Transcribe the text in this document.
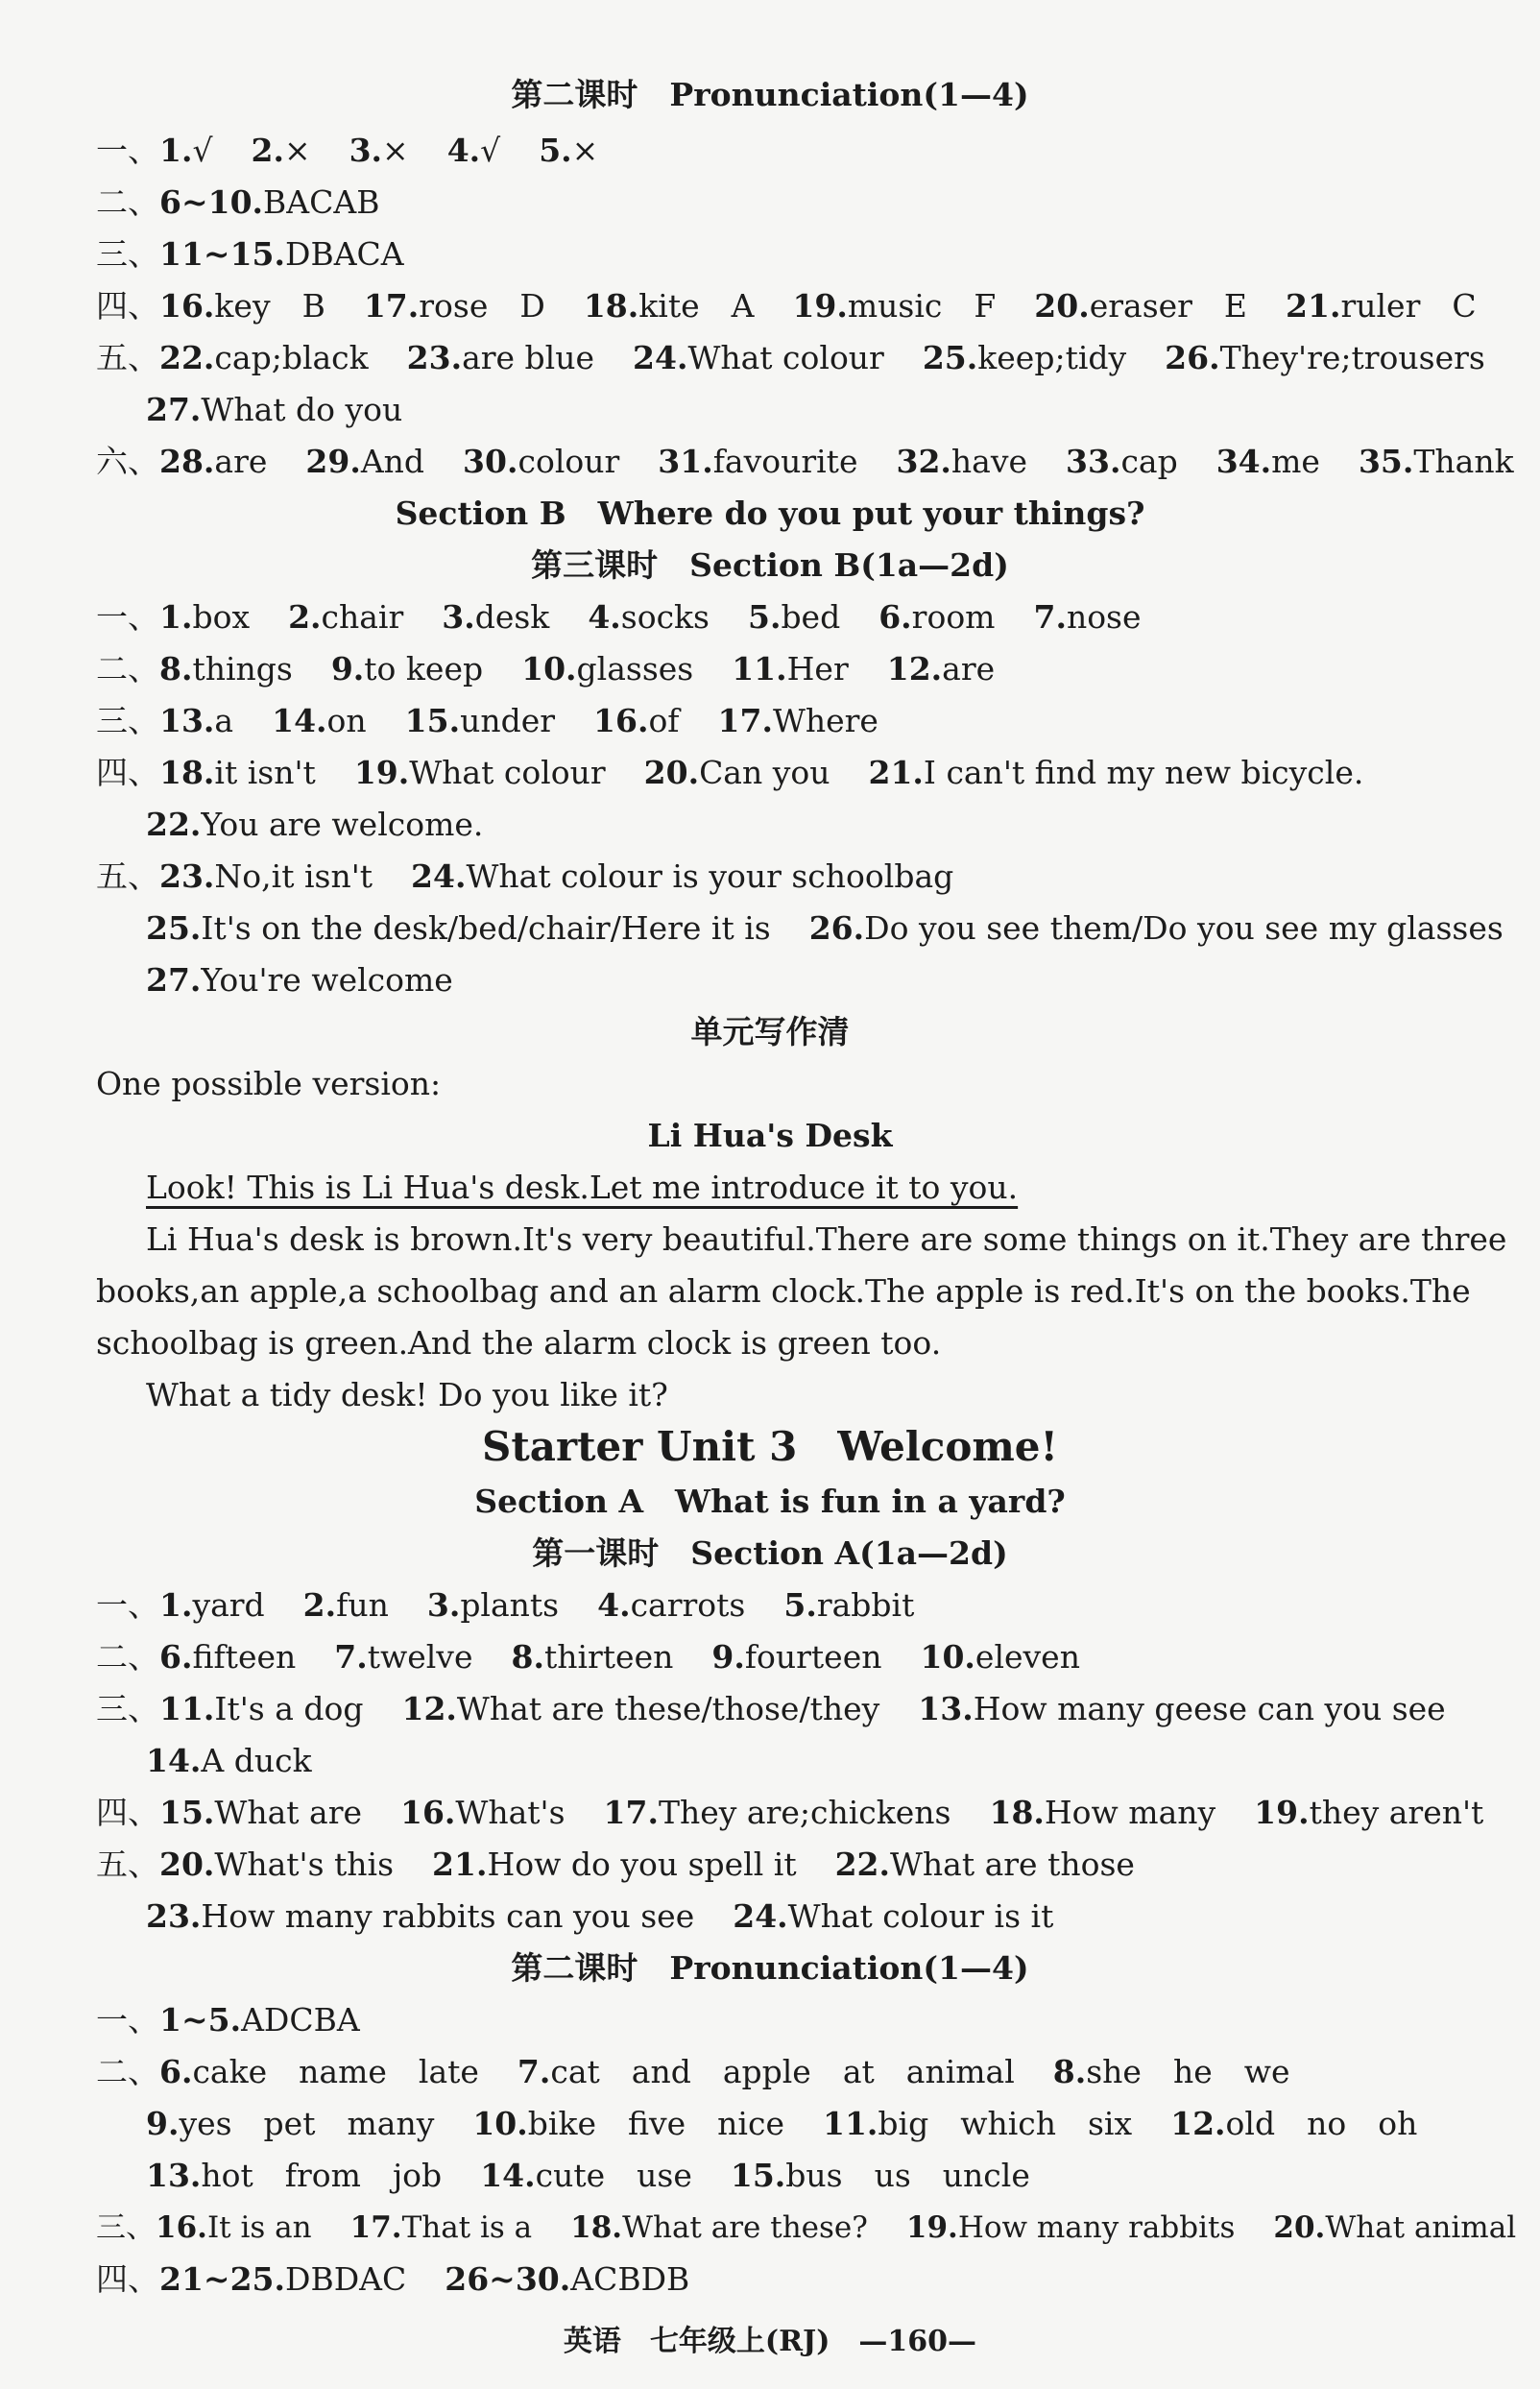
第二课时　Pronunciation(1—4)
一、1.√ 2.× 3.× 4.√ 5.×
二、6~10.BACAB
三、11~15.DBACA
四、16.key　B 17.rose　D 18.kite　A 19.music　F 20.eraser　E 21.ruler　C
五、22.cap;black 23.are blue 24.What colour 25.keep;tidy 26.They're;trousers
27.What do you
六、28.are 29.And 30.colour 31.favourite 32.have 33.cap 34.me 35.Thank
Section B　Where do you put your things?
第三课时　Section B(1a—2d)
一、1.box 2.chair 3.desk 4.socks 5.bed 6.room 7.nose
二、8.things 9.to keep 10.glasses 11.Her 12.are
三、13.a 14.on 15.under 16.of 17.Where
四、18.it isn't 19.What colour 20.Can you 21.I can't find my new bicycle.
22.You are welcome.
五、23.No,it isn't 24.What colour is your schoolbag
25.It's on the desk/bed/chair/Here it is 26.Do you see them/Do you see my glasses
27.You're welcome
单元写作清
One possible version:
Li Hua's Desk
Look! This is Li Hua's desk.Let me introduce it to you.
Li Hua's desk is brown.It's very beautiful.There are some things on it.They are three
books,an apple,a schoolbag and an alarm clock.The apple is red.It's on the books.The
schoolbag is green.And the alarm clock is green too.
What a tidy desk! Do you like it?
Starter Unit 3　Welcome!
Section A　What is fun in a yard?
第一课时　Section A(1a—2d)
一、1.yard 2.fun 3.plants 4.carrots 5.rabbit
二、6.fifteen 7.twelve 8.thirteen 9.fourteen 10.eleven
三、11.It's a dog 12.What are these/those/they 13.How many geese can you see
14.A duck
四、15.What are 16.What's 17.They are;chickens 18.How many 19.they aren't
五、20.What's this 21.How do you spell it 22.What are those
23.How many rabbits can you see 24.What colour is it
第二课时　Pronunciation(1—4)
一、1~5.ADCBA
二、6.cake　name　late 7.cat　and　apple　at　animal 8.she　he　we
9.yes　pet　many 10.bike　five　nice 11.big　which　six 12.old　no　oh
13.hot　from　job 14.cute　use 15.bus　us　uncle
三、16.It is an 17.That is a 18.What are these? 19.How many rabbits 20.What animal
四、21~25.DBDAC 26~30.ACBDB
英语　七年级上(RJ)　—160—
